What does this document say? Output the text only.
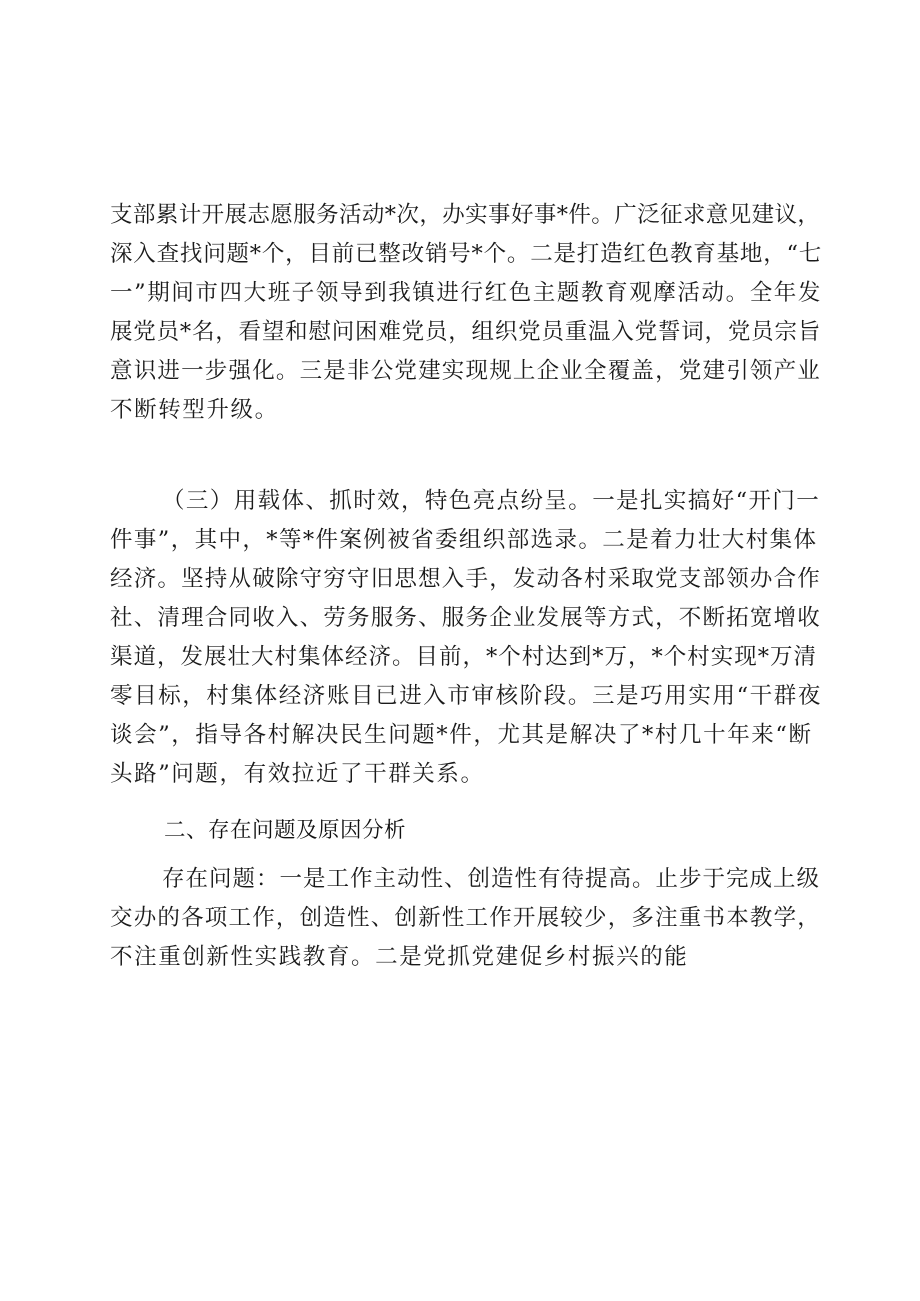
支部累计开展志愿服务活动*次，办实事好事*件。广泛征求意见建议，
深入查找问题*个，目前已整改销号*个。二是打造红色教育基地，“七
一”期间市四大班子领导到我镇进行红色主题教育观摩活动。全年发
展党员*名，看望和慰问困难党员，组织党员重温入党誓词，党员宗旨
意识进一步强化。三是非公党建实现规上企业全覆盖，党建引领产业
不断转型升级。
（三）用载体、抓时效，特色亮点纷呈。一是扎实搞好“开门一
件事”，其中，*等*件案例被省委组织部选录。二是着力壮大村集体
经济。坚持从破除守穷守旧思想入手，发动各村采取党支部领办合作
社、清理合同收入、劳务服务、服务企业发展等方式，不断拓宽增收
渠道，发展壮大村集体经济。目前，*个村达到*万，*个村实现*万清
零目标，村集体经济账目已进入市审核阶段。三是巧用实用“干群夜
谈会”，指导各村解决民生问题*件，尤其是解决了*村几十年来“断
头路”问题，有效拉近了干群关系。
二、存在问题及原因分析
存在问题：一是工作主动性、创造性有待提高。止步于完成上级
交办的各项工作，创造性、创新性工作开展较少，多注重书本教学，
不注重创新性实践教育。二是党抓党建促乡村振兴的能
